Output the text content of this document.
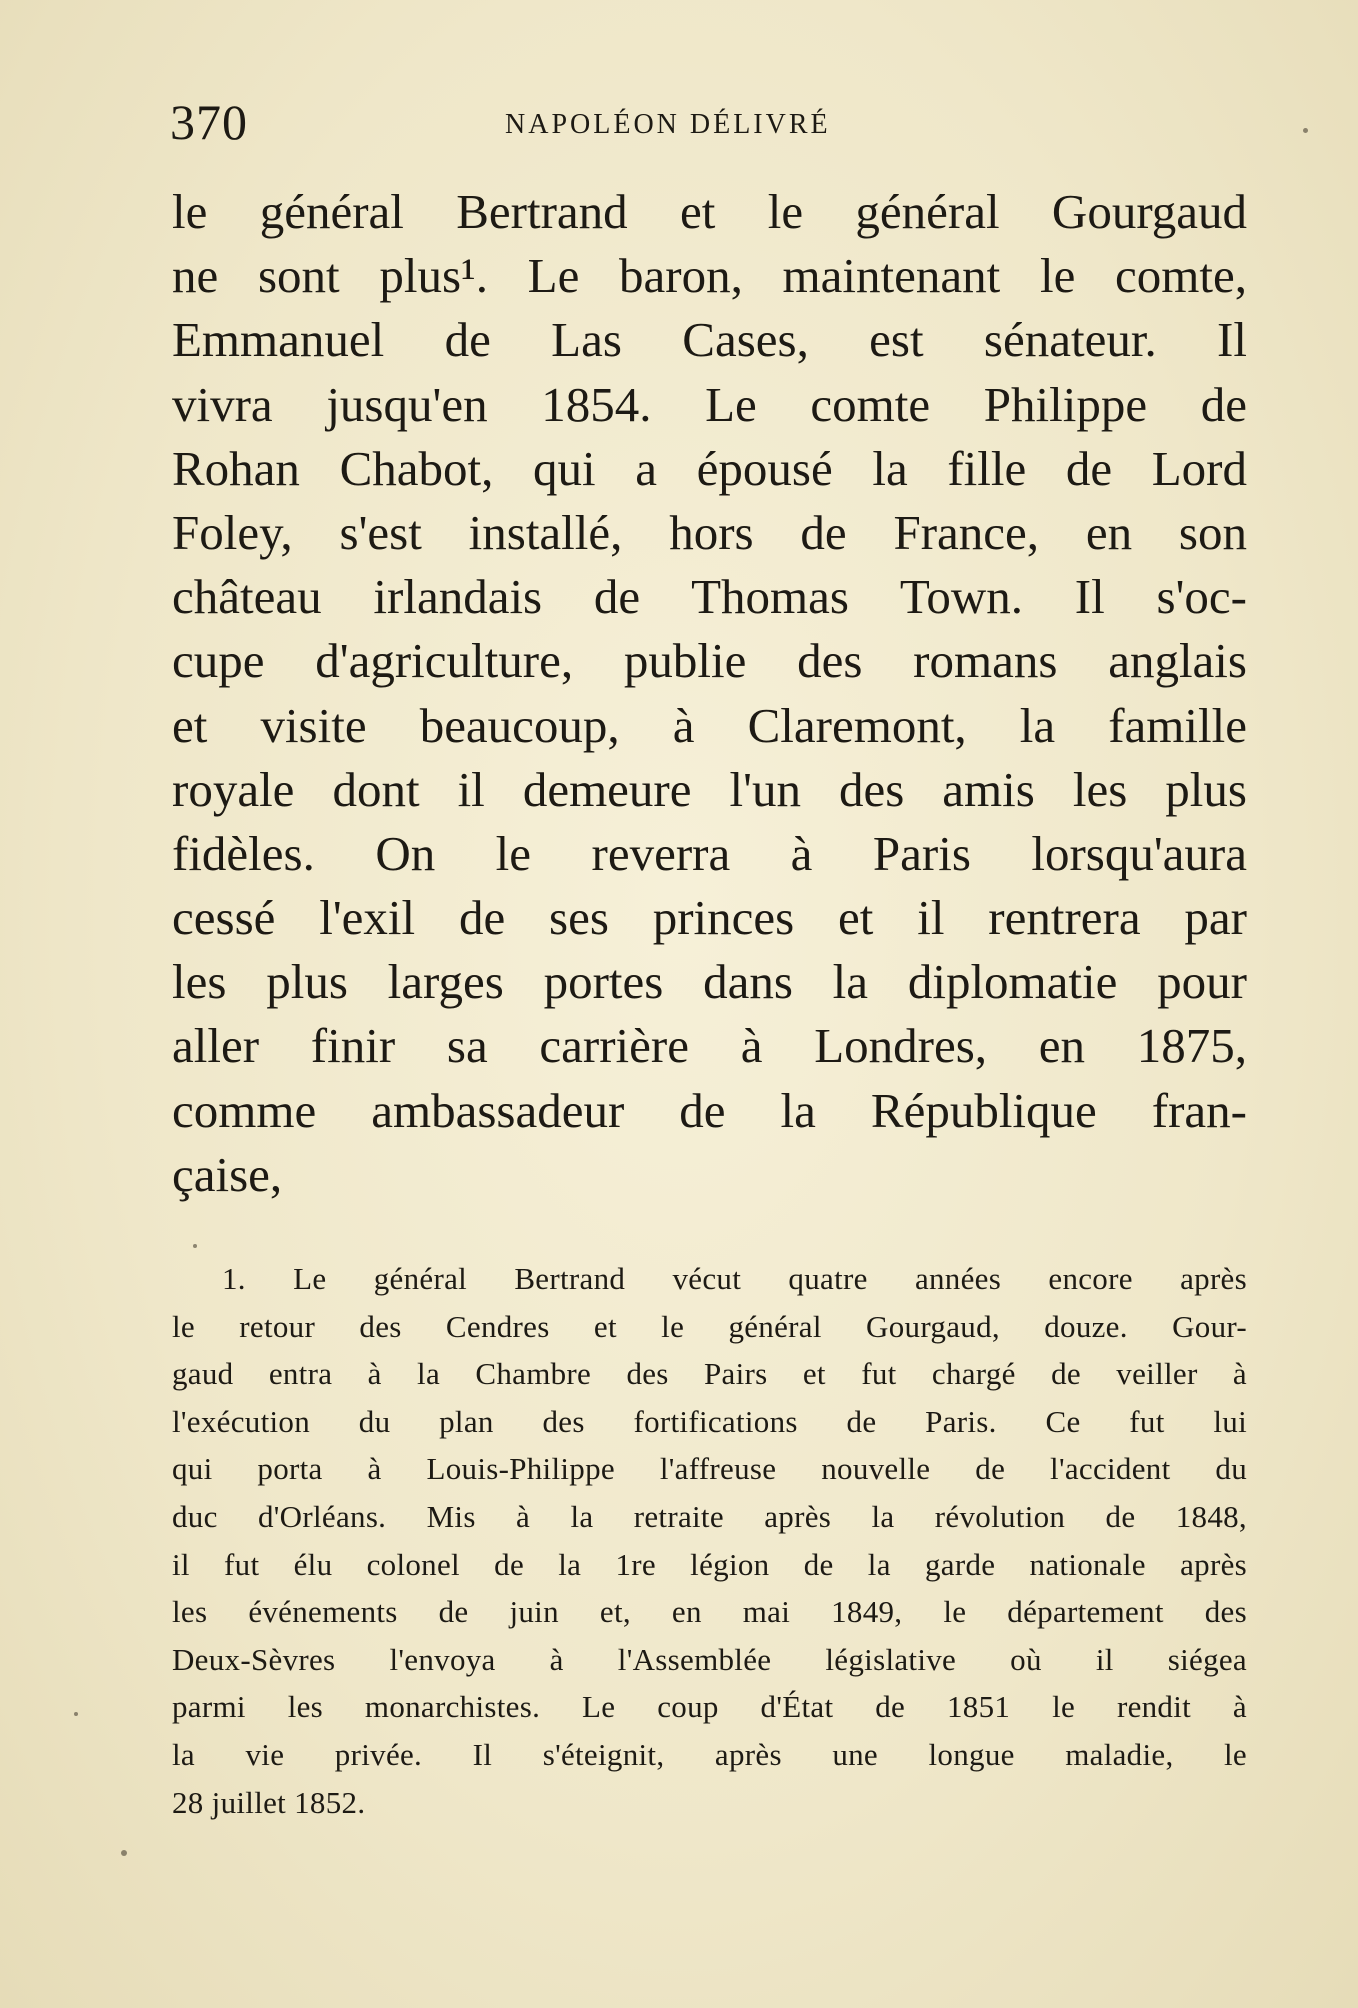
370	NAPOLÉON DÉLIVRÉ
le général Bertrand et le général Gourgaud
ne sont plus¹. Le baron, maintenant le comte,
Emmanuel de Las Cases, est sénateur. Il
vivra jusqu'en 1854. Le comte Philippe de
Rohan Chabot, qui a épousé la fille de Lord
Foley, s'est installé, hors de France, en son
château irlandais de Thomas Town. Il s'oc-
cupe d'agriculture, publie des romans anglais
et visite beaucoup, à Claremont, la famille
royale dont il demeure l'un des amis les plus
fidèles. On le reverra à Paris lorsqu'aura
cessé l'exil de ses princes et il rentrera par
les plus larges portes dans la diplomatie pour
aller finir sa carrière à Londres, en 1875,
comme ambassadeur de la République fran-
çaise,
1. Le général Bertrand vécut quatre années encore après
le retour des Cendres et le général Gourgaud, douze. Gour-
gaud entra à la Chambre des Pairs et fut chargé de veiller à
l'exécution du plan des fortifications de Paris. Ce fut lui
qui porta à Louis-Philippe l'affreuse nouvelle de l'accident du
duc d'Orléans. Mis à la retraite après la révolution de 1848,
il fut élu colonel de la 1re légion de la garde nationale après
les événements de juin et, en mai 1849, le département des
Deux-Sèvres l'envoya à l'Assemblée législative où il siégea
parmi les monarchistes. Le coup d'État de 1851 le rendit à
la vie privée. Il s'éteignit, après une longue maladie, le
28 juillet 1852.
